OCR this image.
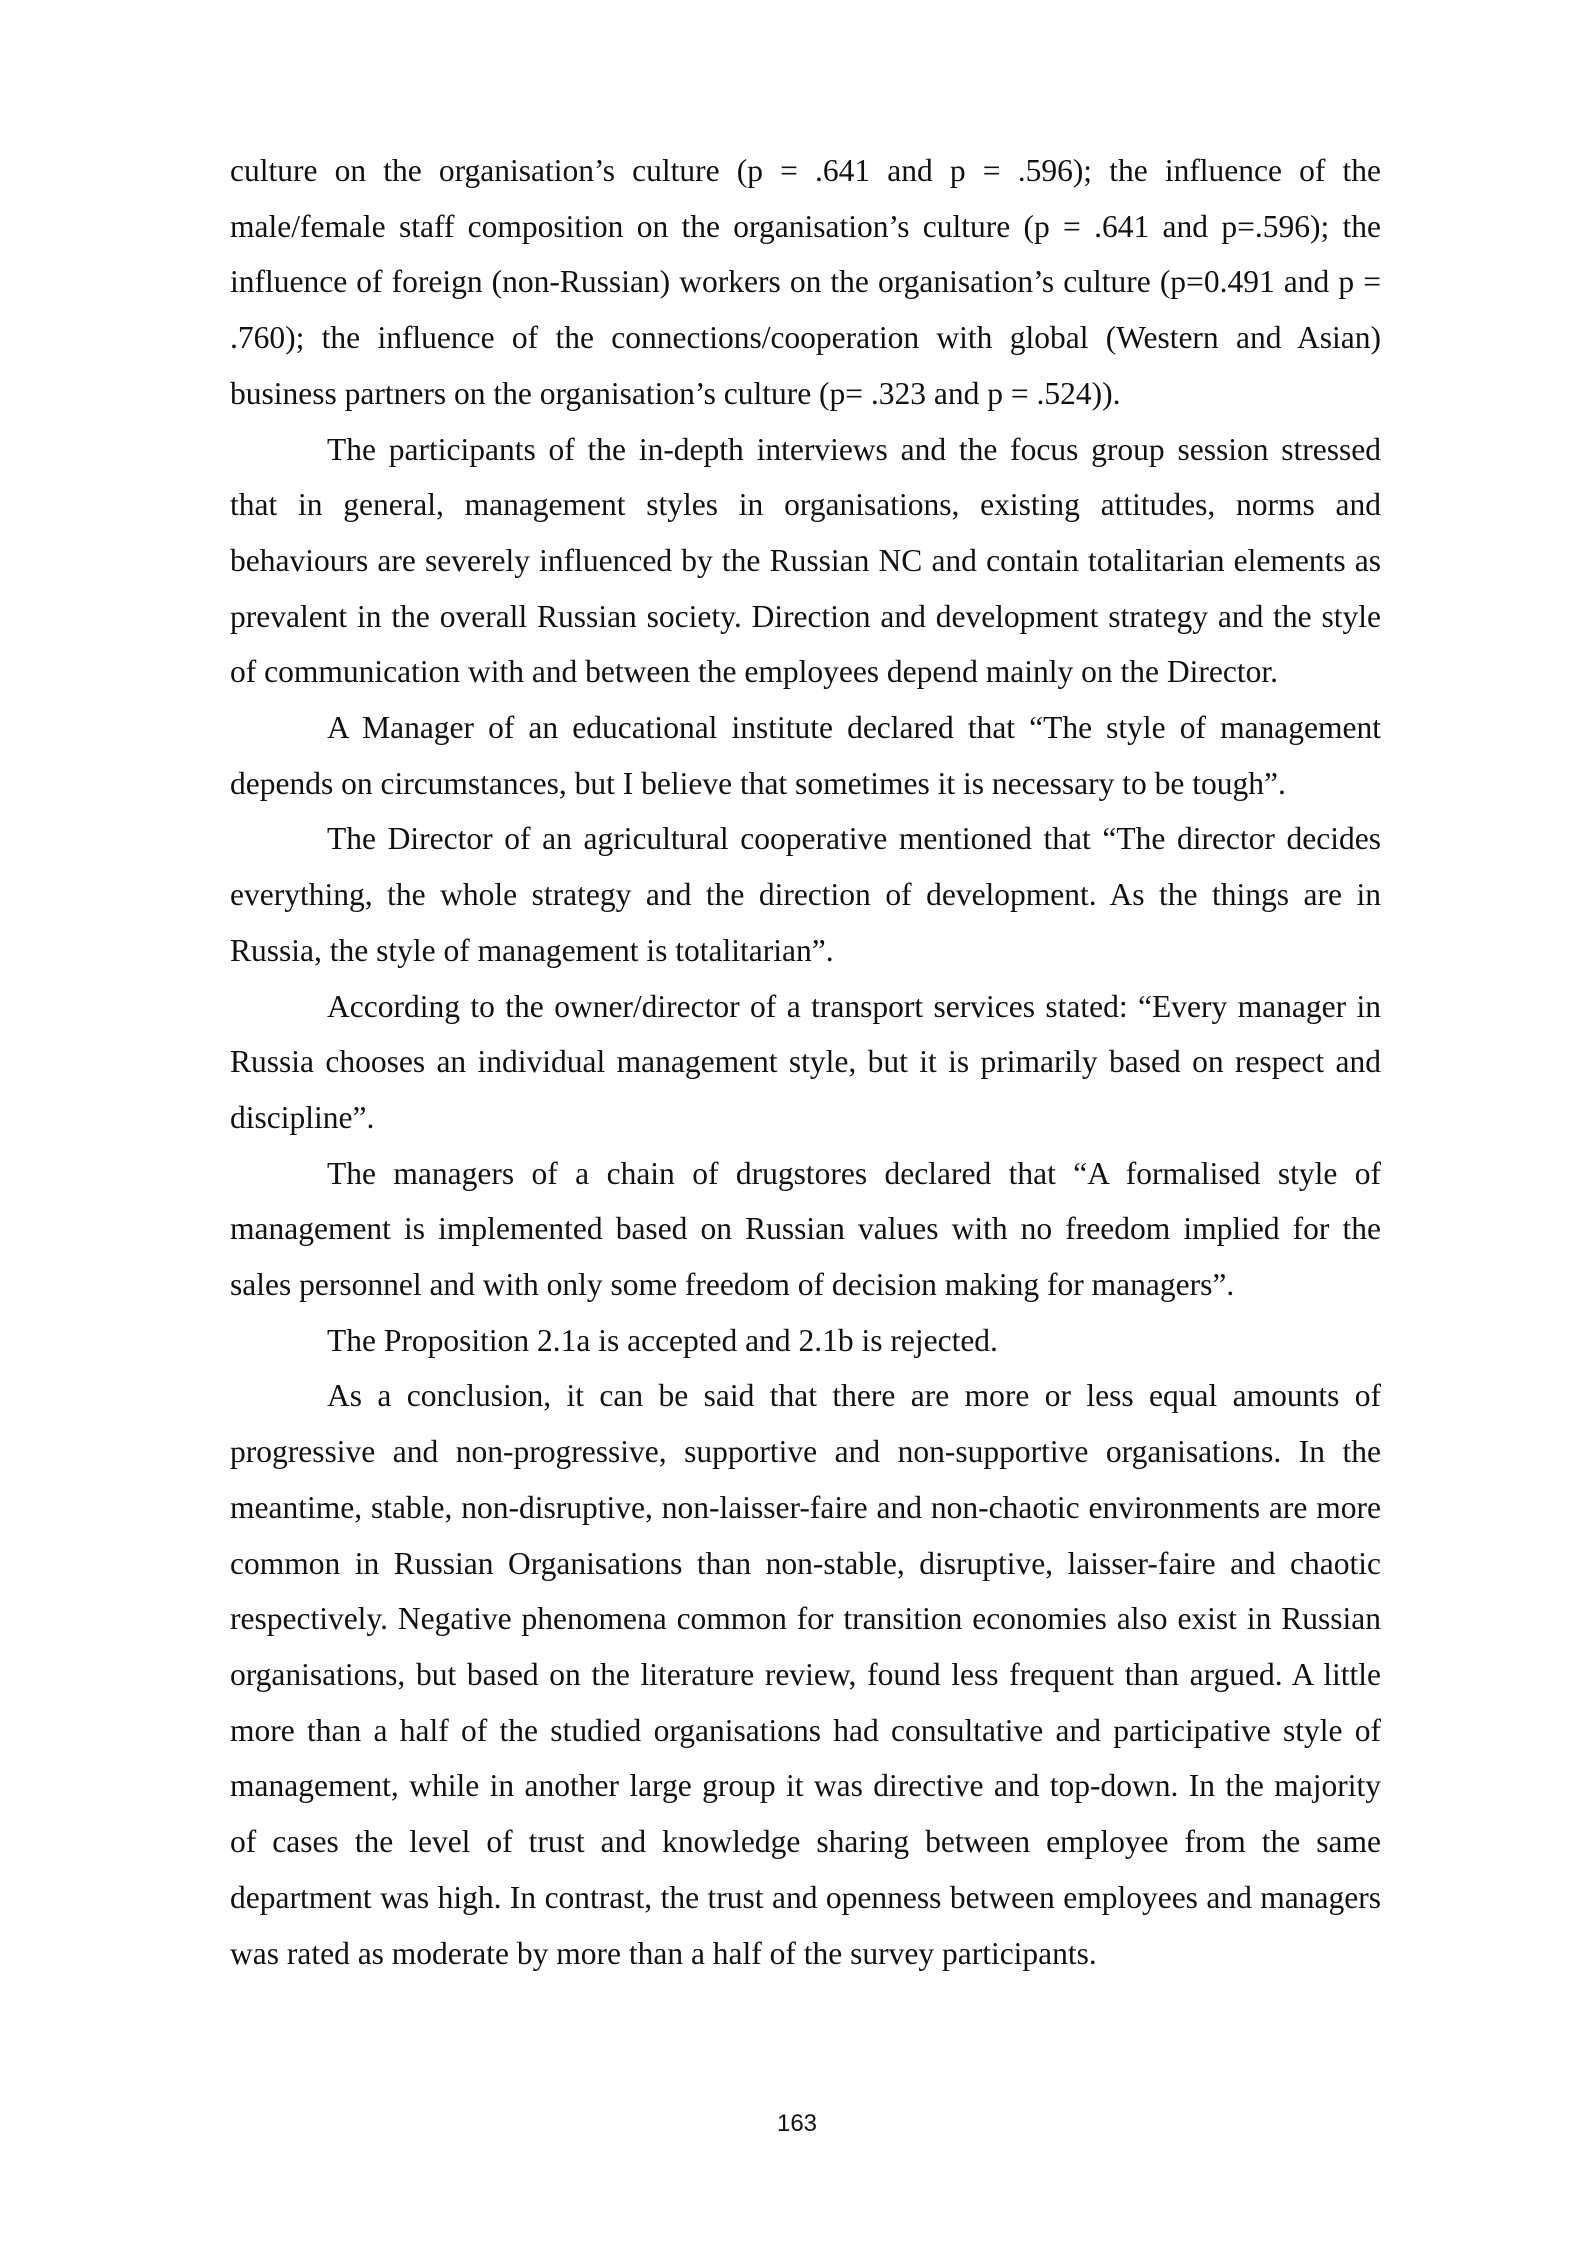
culture on the organisation’s culture (p = .641 and p = .596); the influence of the male/female staff composition on the organisation’s culture (p = .641 and p=.596); the influence of foreign (non-Russian) workers on the organisation’s culture (p=0.491 and p = .760); the influence of the connections/cooperation with global (Western and Asian) business partners on the organisation’s culture (p= .323 and p = .524)).

The participants of the in-depth interviews and the focus group session stressed that in general, management styles in organisations, existing attitudes, norms and behaviours are severely influenced by the Russian NC and contain totalitarian elements as prevalent in the overall Russian society. Direction and development strategy and the style of communication with and between the employees depend mainly on the Director.

A Manager of an educational institute declared that “The style of management depends on circumstances, but I believe that sometimes it is necessary to be tough”.

The Director of an agricultural cooperative mentioned that “The director decides everything, the whole strategy and the direction of development. As the things are in Russia, the style of management is totalitarian”.

According to the owner/director of a transport services stated: “Every manager in Russia chooses an individual management style, but it is primarily based on respect and discipline”.

The managers of a chain of drugstores declared that “A formalised style of management is implemented based on Russian values with no freedom implied for the sales personnel and with only some freedom of decision making for managers”.

The Proposition 2.1a is accepted and 2.1b is rejected.

As a conclusion, it can be said that there are more or less equal amounts of progressive and non-progressive, supportive and non-supportive organisations. In the meantime, stable, non-disruptive, non-laisser-faire and non-chaotic environments are more common in Russian Organisations than non-stable, disruptive, laisser-faire and chaotic respectively. Negative phenomena common for transition economies also exist in Russian organisations, but based on the literature review, found less frequent than argued. A little more than a half of the studied organisations had consultative and participative style of management, while in another large group it was directive and top-down. In the majority of cases the level of trust and knowledge sharing between employee from the same department was high. In contrast, the trust and openness between employees and managers was rated as moderate by more than a half of the survey participants.

163
